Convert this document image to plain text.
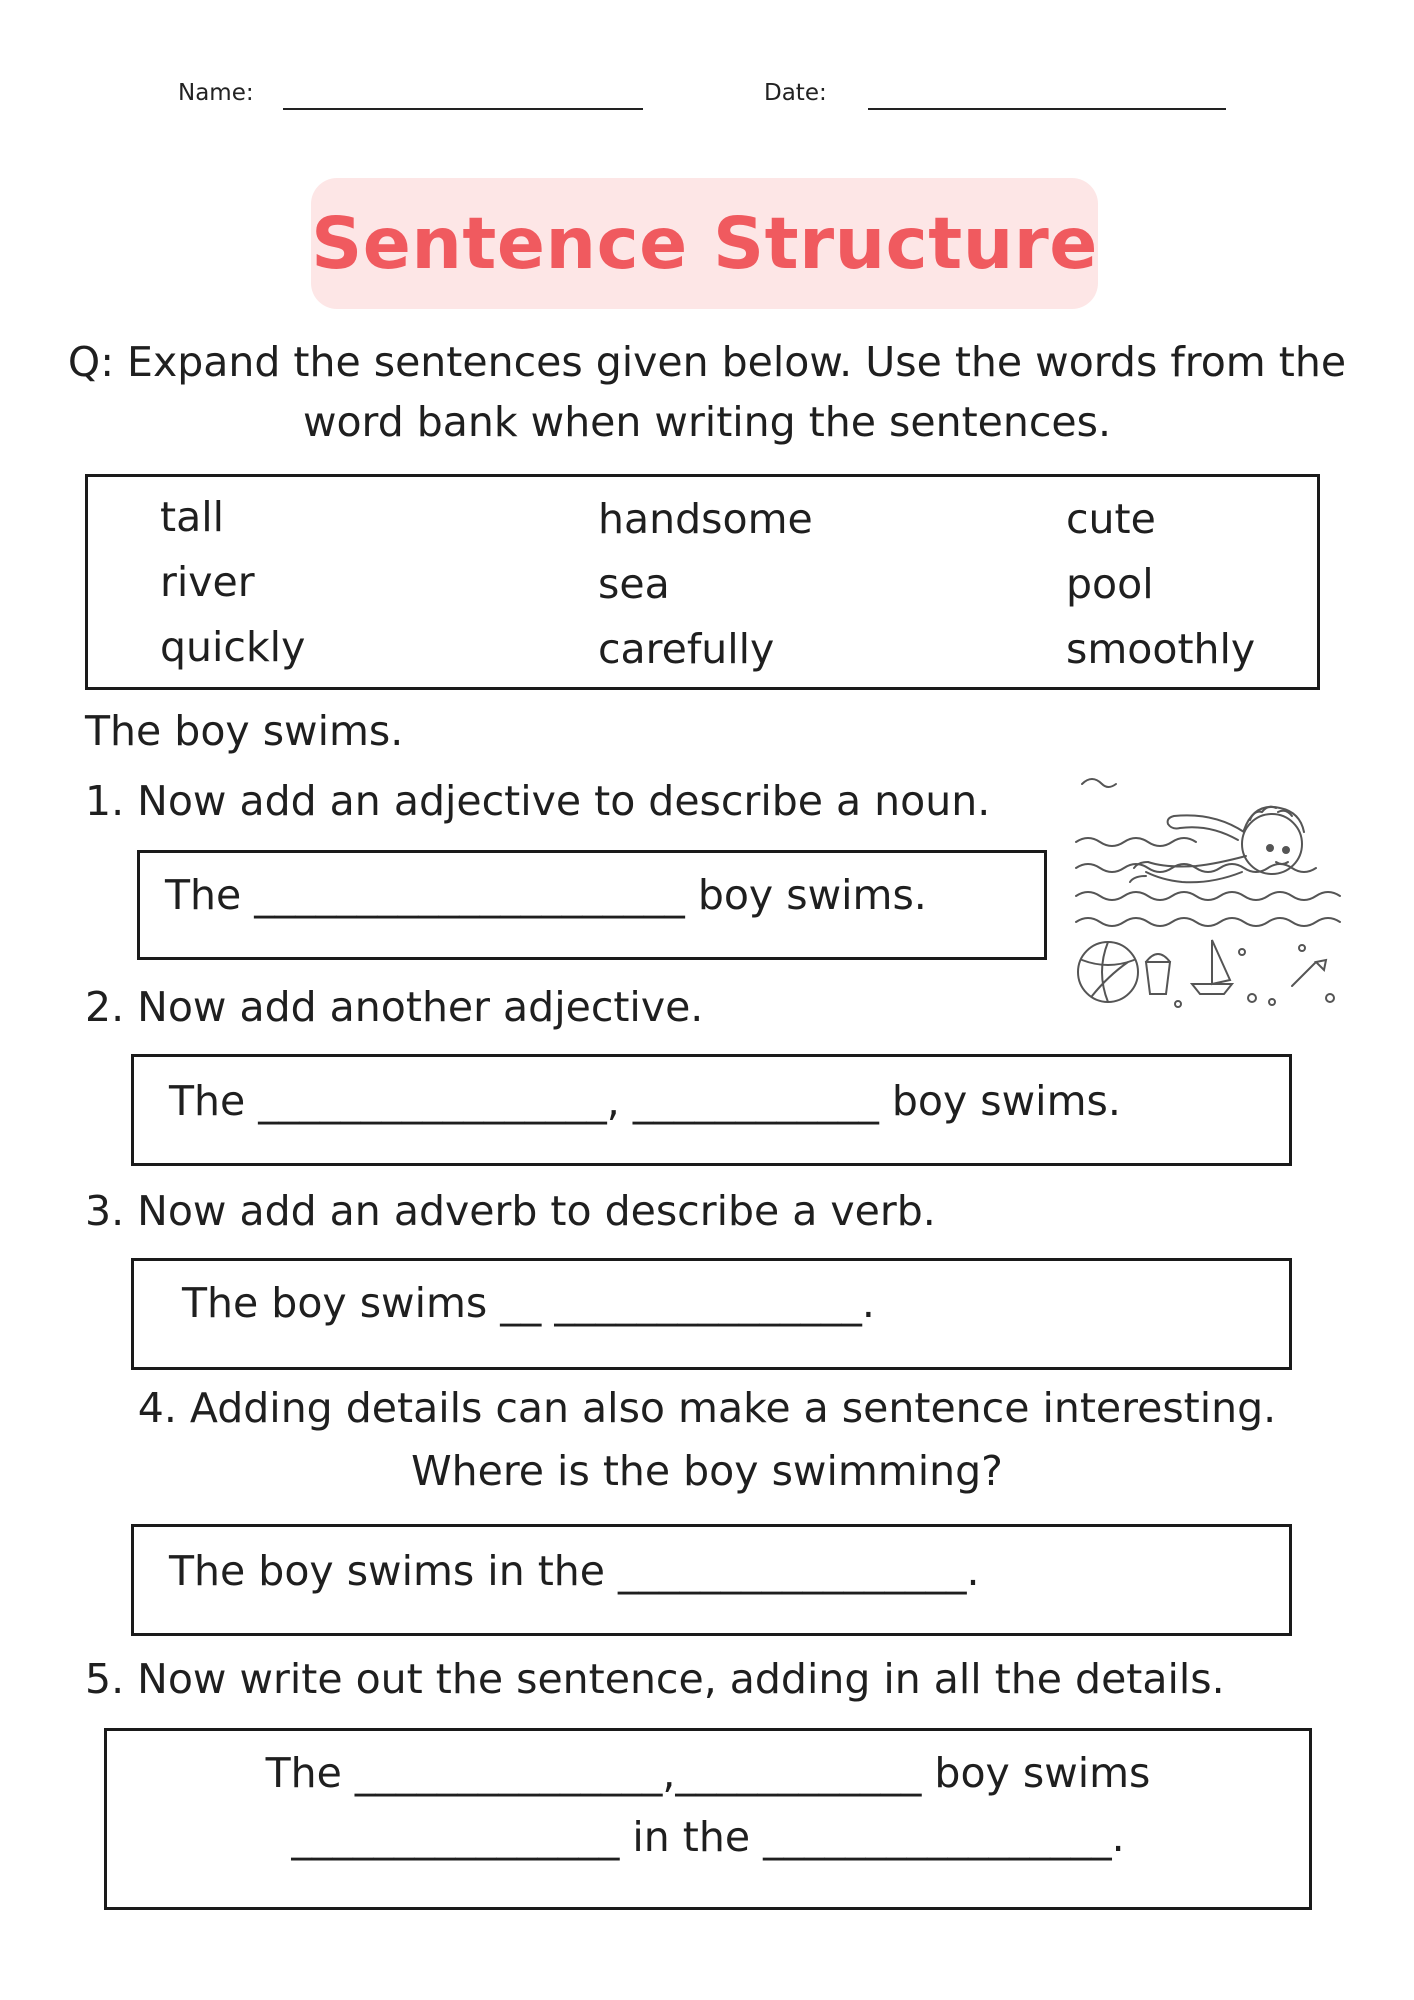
Name:	Date:
Sentence Structure
Q: Expand the sentences given below. Use the words from the
word bank when writing the sentences.
tall
river
quickly
handsome
sea
carefully
cute
pool
smoothly
The boy swims.
1. Now add an adjective to describe a noun.
The _____________________ boy swims.
2. Now add another adjective.
The _________________, ____________ boy swims.
3. Now add an adverb to describe a verb.
The boy swims __ _______________.
4. Adding details can also make a sentence interesting.
Where is the boy swimming?
The boy swims in the _________________.
5. Now write out the sentence, adding in all the details.
The _______________,____________ boy swims
________________ in the _________________.
